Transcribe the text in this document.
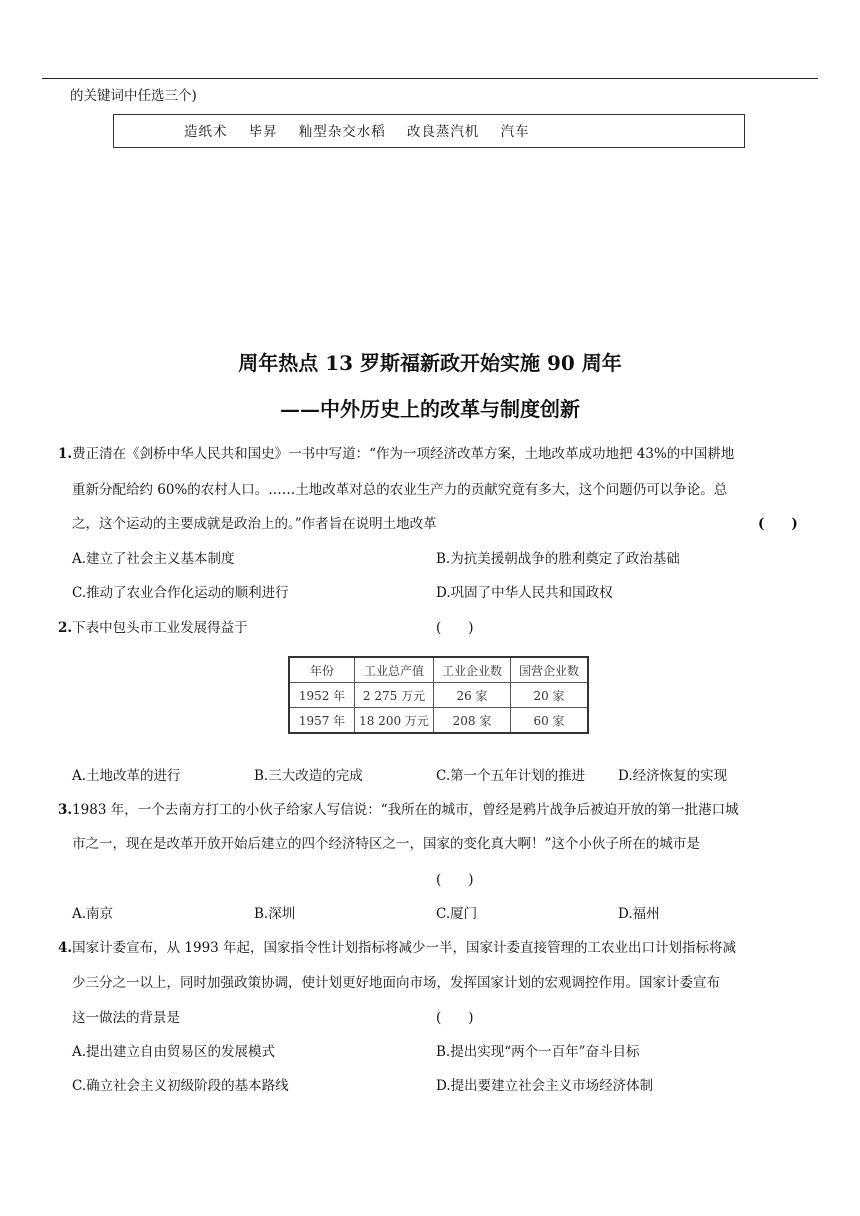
的关键词中任选三个)
造纸术 毕昇 籼型杂交水稻 改良蒸汽机 汽车
周年热点 13 罗斯福新政开始实施 90 周年
——中外历史上的改革与制度创新
1.费正清在《剑桥中华人民共和国史》一书中写道：“作为一项经济改革方案，土地改革成功地把 43%的中国耕地
重新分配给约 60%的农村人口。……土地改革对总的农业生产力的贡献究竟有多大，这个问题仍可以争论。总
之，这个运动的主要成就是政治上的。”作者旨在说明土地改革	(　　)
A.建立了社会主义基本制度	B.为抗美援朝战争的胜利奠定了政治基础
C.推动了农业合作化运动的顺利进行	D.巩固了中华人民共和国政权
2.下表中包头市工业发展得益于	(　　)
年份	工业总产值	工业企业数	国营企业数
1952 年	2 275 万元	26 家	20 家
1957 年	18 200 万元	208 家	60 家
A.土地改革的进行	B.三大改造的完成	C.第一个五年计划的推进 D.经济恢复的实现
3.1983 年，一个去南方打工的小伙子给家人写信说：“我所在的城市，曾经是鸦片战争后被迫开放的第一批港口城
市之一，现在是改革开放开始后建立的四个经济特区之一，国家的变化真大啊！”这个小伙子所在的城市是
(　　)
A.南京	B.深圳	C.厦门	D.福州
4.国家计委宣布，从 1993 年起，国家指令性计划指标将减少一半，国家计委直接管理的工农业出口计划指标将减
少三分之一以上，同时加强政策协调，使计划更好地面向市场，发挥国家计划的宏观调控作用。国家计委宣布
这一做法的背景是	(　　)
A.提出建立自由贸易区的发展模式	B.提出实现“两个一百年”奋斗目标
C.确立社会主义初级阶段的基本路线	D.提出要建立社会主义市场经济体制
